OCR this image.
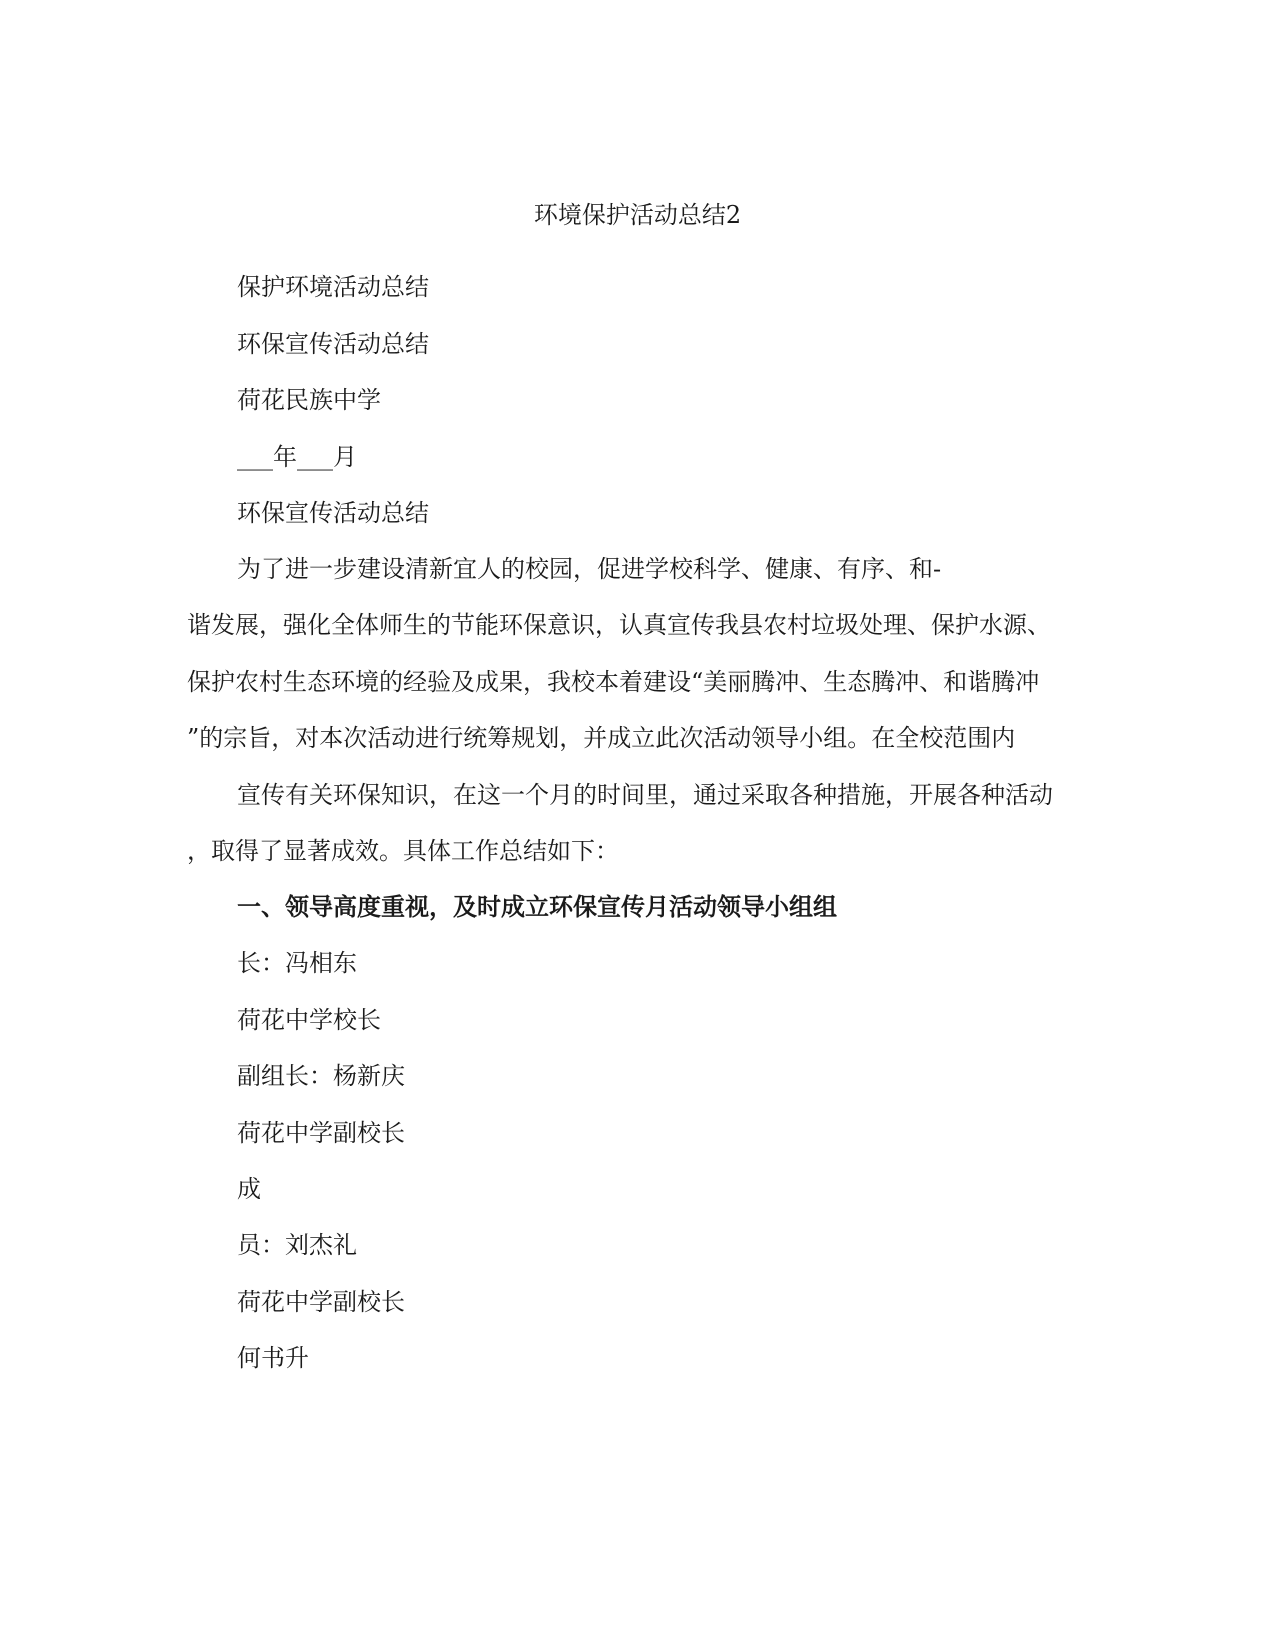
环境保护活动总结2
保护环境活动总结
环保宣传活动总结
荷花民族中学
___年___月
环保宣传活动总结
为了进一步建设清新宜人的校园，促进学校科学、健康、有序、和-
谐发展，强化全体师生的节能环保意识，认真宣传我县农村垃圾处理、保护水源、
保护农村生态环境的经验及成果，我校本着建设“美丽腾冲、生态腾冲、和谐腾冲
”的宗旨，对本次活动进行统筹规划，并成立此次活动领导小组。在全校范围内
宣传有关环保知识，在这一个月的时间里，通过采取各种措施，开展各种活动
，取得了显著成效。具体工作总结如下：
一、领导高度重视，及时成立环保宣传月活动领导小组组
长：冯相东
荷花中学校长
副组长：杨新庆
荷花中学副校长
成
员：刘杰礼
荷花中学副校长
何书升
